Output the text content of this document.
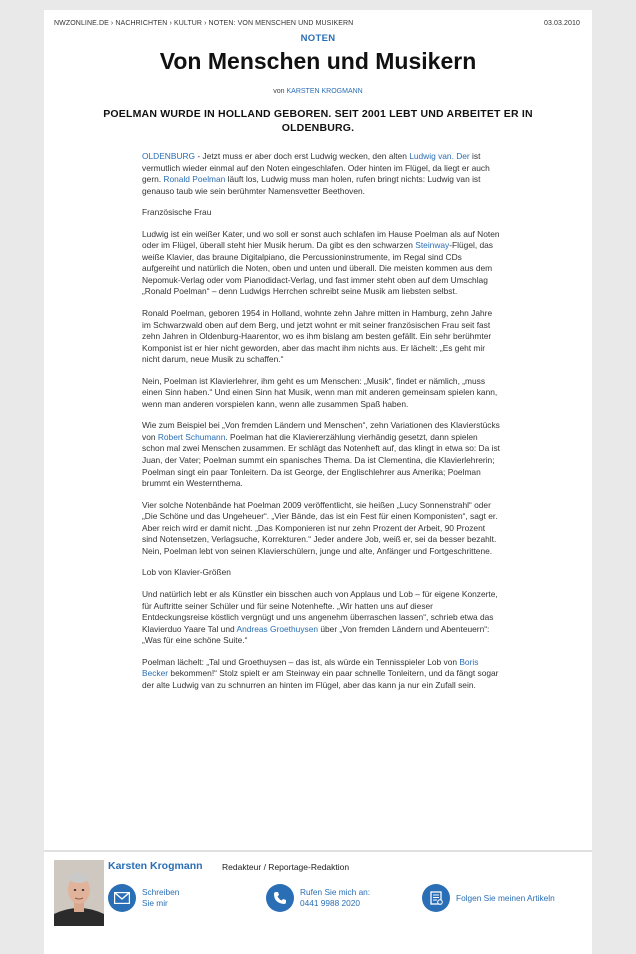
NWZONLINE.DE › NACHRICHTEN › KULTUR › NOTEN: VON MENSCHEN UND MUSIKERN	03.03.2010
NOTEN
Von Menschen und Musikern
von KARSTEN KROGMANN
POELMAN WURDE IN HOLLAND GEBOREN. SEIT 2001 LEBT UND ARBEITET ER IN OLDENBURG.

OLDENBURG - Jetzt muss er aber doch erst Ludwig wecken, den alten Ludwig van. Der ist vermutlich wieder einmal auf den Noten eingeschlafen. Oder hinten im Flügel, da liegt er auch gern. Ronald Poelman läuft los, Ludwig muss man holen, rufen bringt nichts: Ludwig van ist genauso taub wie sein berühmter Namensvetter Beethoven.

Französische Frau

Ludwig ist ein weißer Kater, und wo soll er sonst auch schlafen im Hause Poelman als auf Noten oder im Flügel, überall steht hier Musik herum. Da gibt es den schwarzen Steinway-Flügel, das weiße Klavier, das braune Digitalpiano, die Percussioninstrumente, im Regal sind CDs aufgereiht und natürlich die Noten, oben und unten und überall. Die meisten kommen aus dem Nepomuk-Verlag oder vom Pianodidact-Verlag, und fast immer steht oben auf dem Umschlag „Ronald Poelman“ – denn Ludwigs Herrchen schreibt seine Musik am liebsten selbst.

Ronald Poelman, geboren 1954 in Holland, wohnte zehn Jahre mitten in Hamburg, zehn Jahre im Schwarzwald oben auf dem Berg, und jetzt wohnt er mit seiner französischen Frau seit fast zehn Jahren in Oldenburg-Haarentor, wo es ihm bislang am besten gefällt. Ein sehr berühmter Komponist ist er hier nicht geworden, aber das macht ihm nichts aus. Er lächelt: „Es geht mir nicht darum, neue Musik zu schaffen.“

Nein, Poelman ist Klavierlehrer, ihm geht es um Menschen: „Musik“, findet er nämlich, „muss einen Sinn haben.“ Und einen Sinn hat Musik, wenn man mit anderen gemeinsam spielen kann, wenn man anderen vorspielen kann, wenn alle zusammen Spaß haben.

Wie zum Beispiel bei „Von fremden Ländern und Menschen“, zehn Variationen des Klavierstücks von Robert Schumann. Poelman hat die Klaviererzählung vierhändig gesetzt, dann spielen schon mal zwei Menschen zusammen. Er schlägt das Notenheft auf, das klingt in etwa so: Da ist Juan, der Vater; Poelman summt ein spanisches Thema. Da ist Clementina, die Klavierlehrerin; Poelman singt ein paar Tonleitern. Da ist George, der Englischlehrer aus Amerika; Poelman brummt ein Westernthema.

Vier solche Notenbände hat Poelman 2009 veröffentlicht, sie heißen „Lucy Sonnenstrahl“ oder „Die Schöne und das Ungeheuer“. „Vier Bände, das ist ein Fest für einen Komponisten“, sagt er. Aber reich wird er damit nicht. „Das Komponieren ist nur zehn Prozent der Arbeit, 90 Prozent sind Notensetzen, Verlagsuche, Korrekturen.“ Jeder andere Job, weiß er, sei da besser bezahlt. Nein, Poelman lebt von seinen Klavierschülern, junge und alte, Anfänger und Fortgeschrittene.

Lob von Klavier-Größen

Und natürlich lebt er als Künstler ein bisschen auch von Applaus und Lob – für eigene Konzerte, für Auftritte seiner Schüler und für seine Notenhefte. „Wir hatten uns auf dieser Entdeckungsreise köstlich vergnügt und uns angenehm überraschen lassen“, schrieb etwa das Klavierduo Yaare Tal und Andreas Groethuysen über „Von fremden Ländern und Abenteuern“: „Was für eine schöne Suite.“

Poelman lächelt: „Tal und Groethuysen – das ist, als würde ein Tennisspieler Lob von Boris Becker bekommen!“ Stolz spielt er am Steinway ein paar schnelle Tonleitern, und da fängt sogar der alte Ludwig van zu schnurren an hinten im Flügel, aber das kann ja nur ein Zufall sein.

Karsten Krogmann Redakteur / Reportage-Redaktion
Schreiben
Sie mir
Rufen Sie mich an:
0441 9988 2020
Folgen Sie meinen Artikeln
